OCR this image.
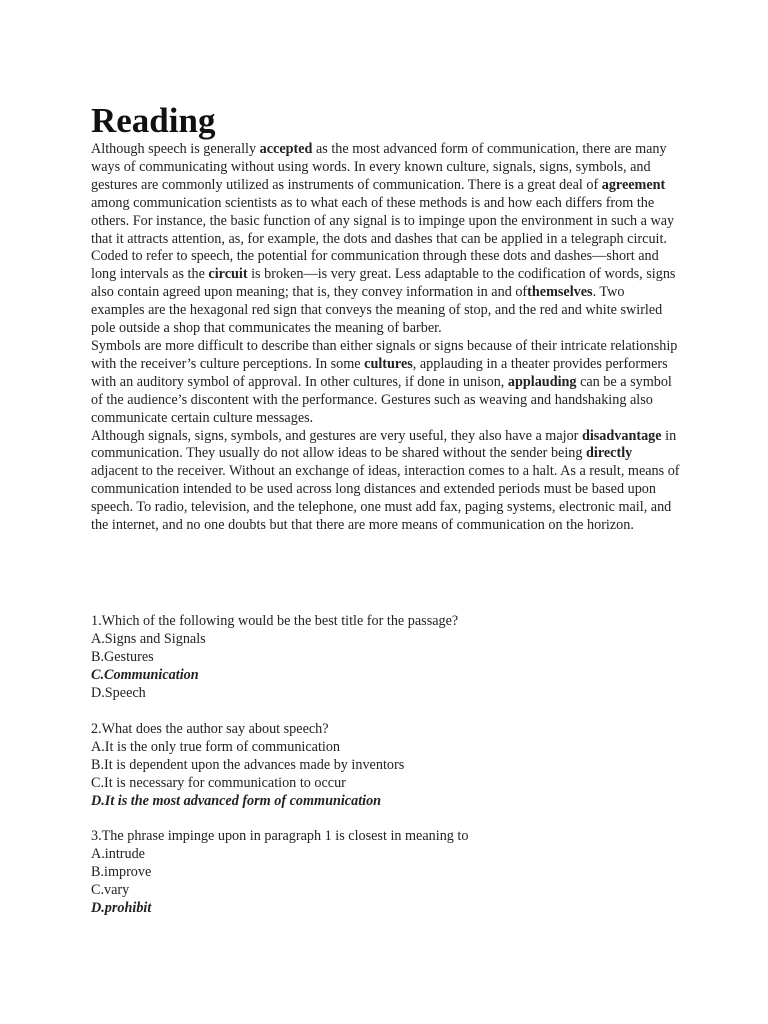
Reading

Although speech is generally accepted as the most advanced form of communication, there are many ways of communicating without using words. In every known culture, signals, signs, symbols, and gestures are commonly utilized as instruments of communication. There is a great deal of agreement among communication scientists as to what each of these methods is and how each differs from the others. For instance, the basic function of any signal is to impinge upon the environment in such a way that it attracts attention, as, for example, the dots and dashes that can be applied in a telegraph circuit. Coded to refer to speech, the potential for communication through these dots and dashes—short and long intervals as the circuit is broken—is very great. Less adaptable to the codification of words, signs also contain agreed upon meaning; that is, they convey information in and ofthemselves. Two examples are the hexagonal red sign that conveys the meaning of stop, and the red and white swirled pole outside a shop that communicates the meaning of barber.

Symbols are more difficult to describe than either signals or signs because of their intricate relationship with the receiver’s culture perceptions. In some cultures, applauding in a theater provides performers with an auditory symbol of approval. In other cultures, if done in unison, applauding can be a symbol of the audience’s discontent with the performance. Gestures such as weaving and handshaking also communicate certain culture messages.

Although signals, signs, symbols, and gestures are very useful, they also have a major disadvantage in communication. They usually do not allow ideas to be shared without the sender being directly adjacent to the receiver. Without an exchange of ideas, interaction comes to a halt. As a result, means of communication intended to be used across long distances and extended periods must be based upon speech. To radio, television, and the telephone, one must add fax, paging systems, electronic mail, and the internet, and no one doubts but that there are more means of communication on the horizon.

1.Which of the following would be the best title for the passage?
A.Signs and Signals
B.Gestures
C.Communication
D.Speech
2.What does the author say about speech?
A.It is the only true form of communication
B.It is dependent upon the advances made by inventors
C.It is necessary for communication to occur
D.It is the most advanced form of communication
3.The phrase impinge upon in paragraph 1 is closest in meaning to
A.intrude
B.improve
C.vary
D.prohibit
